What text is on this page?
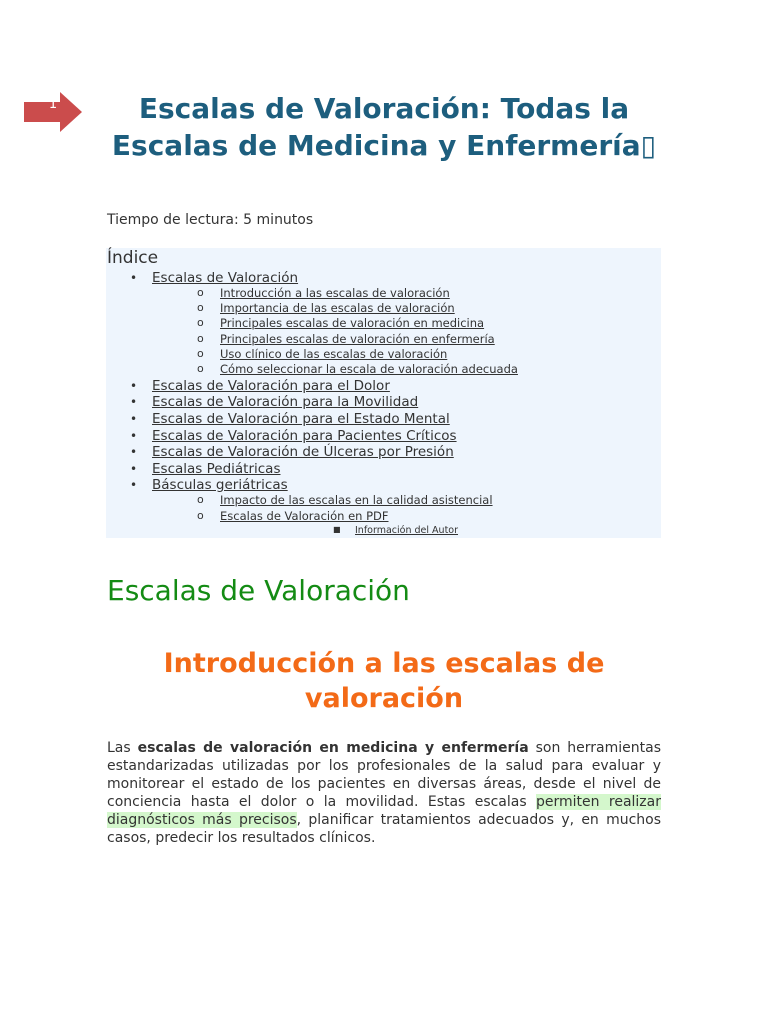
1	Escalas de Valoración: Todas la Escalas de Medicina y Enfermería▯
Tiempo de lectura: 5 minutos
Índice
• Escalas de Valoración
o Introducción a las escalas de valoración
o Importancia de las escalas de valoración
o Principales escalas de valoración en medicina
o Principales escalas de valoración en enfermería
o Uso clínico de las escalas de valoración
o Cómo seleccionar la escala de valoración adecuada
• Escalas de Valoración para el Dolor
• Escalas de Valoración para la Movilidad
• Escalas de Valoración para el Estado Mental
• Escalas de Valoración para Pacientes Críticos
• Escalas de Valoración de Úlceras por Presión
• Escalas Pediátricas
• Básculas geriátricas
o Impacto de las escalas en la calidad asistencial
o Escalas de Valoración en PDF
■ Información del Autor
Escalas de Valoración
Introducción a las escalas de valoración

Las escalas de valoración en medicina y enfermería son herramientas estandarizadas utilizadas por los profesionales de la salud para evaluar y monitorear el estado de los pacientes en diversas áreas, desde el nivel de conciencia hasta el dolor o la movilidad. Estas escalas permiten realizar diagnósticos más precisos, planificar tratamientos adecuados y, en muchos casos, predecir los resultados clínicos.
